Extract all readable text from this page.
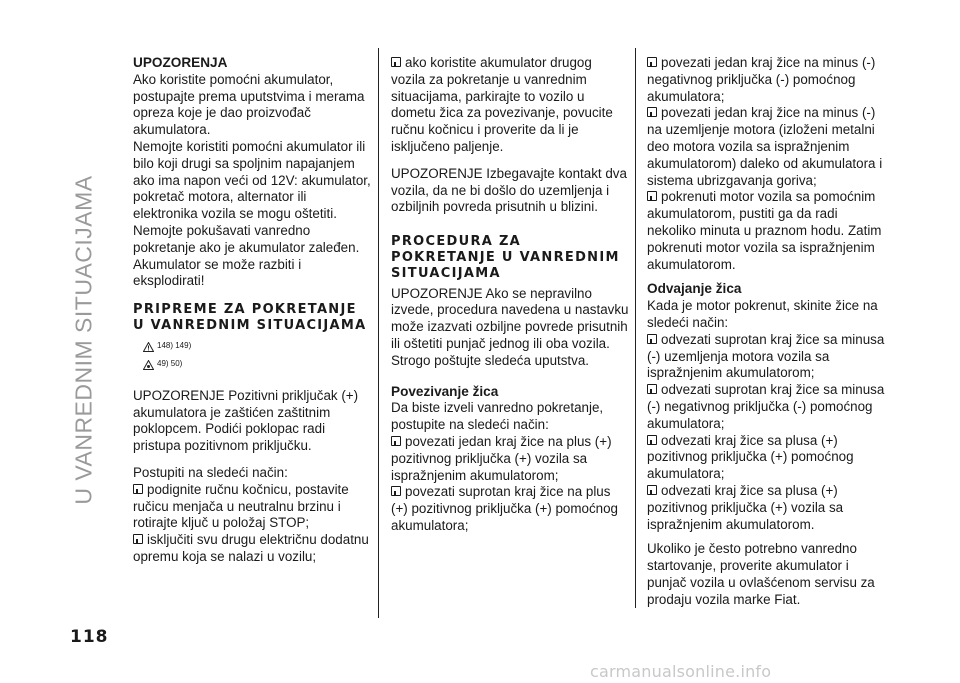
U VANREDNIM SITUACIJAMA
118

UPOZORENJA

Ako koristite pomoćni akumulator, postupajte prema uputstvima i merama opreza koje je dao proizvođač akumulatora.

Nemojte koristiti pomoćni akumulator ili bilo koji drugi sa spoljnim napajanjem ako ima napon veći od 12V: akumulator, pokretač motora, alternator ili elektronika vozila se mogu oštetiti. Nemojte pokušavati vanredno pokretanje ako je akumulator zaleđen. Akumulator se može razbiti i eksplodirati!

PRIPREME ZA POKRETANJE U VANREDNIM SITUACIJAMA

148) 149)
49) 50)

UPOZORENJE Pozitivni priključak (+) akumulatora je zaštićen zaštitnim poklopcem. Podići poklopac radi pristupa pozitivnom priključku.

Postupiti na sledeći način:

podignite ručnu kočnicu, postavite ručicu menjača u neutralnu brzinu i rotirajte ključ u položaj STOP;

isključiti svu drugu električnu dodatnu opremu koja se nalazi u vozilu;

ako koristite akumulator drugog vozila za pokretanje u vanrednim situacijama, parkirajte to vozilo u dometu žica za povezivanje, povucite ručnu kočnicu i proverite da li je isključeno paljenje.

UPOZORENJE Izbegavajte kontakt dva vozila, da ne bi došlo do uzemljenja i ozbiljnih povreda prisutnih u blizini.

PROCEDURA ZA POKRETANJE U VANREDNIM SITUACIJAMA

UPOZORENJE Ako se nepravilno izvede, procedura navedena u nastavku može izazvati ozbiljne povrede prisutnih ili oštetiti punjač jednog ili oba vozila. Strogo poštujte sledeća uputstva.

Povezivanje žica

Da biste izveli vanredno pokretanje, postupite na sledeći način:

povezati jedan kraj žice na plus (+) pozitivnog priključka (+) vozila sa ispražnjenim akumulatorom;

povezati suprotan kraj žice na plus (+) pozitivnog priključka (+) pomoćnog akumulatora;

povezati jedan kraj žice na minus (-) negativnog priključka (-) pomoćnog akumulatora;

povezati jedan kraj žice na minus (-) na uzemljenje motora (izloženi metalni deo motora vozila sa ispražnjenim akumulatorom) daleko od akumulatora i sistema ubrizgavanja goriva;

pokrenuti motor vozila sa pomoćnim akumulatorom, pustiti ga da radi nekoliko minuta u praznom hodu. Zatim pokrenuti motor vozila sa ispražnjenim akumulatorom.

Odvajanje žica

Kada je motor pokrenut, skinite žice na sledeći način:

odvezati suprotan kraj žice sa minusa (-) uzemljenja motora vozila sa ispražnjenim akumulatorom;

odvezati suprotan kraj žice sa minusa (-) negativnog priključka (-) pomoćnog akumulatora;

odvezati kraj žice sa plusa (+) pozitivnog priključka (+) pomoćnog akumulatora;

odvezati kraj žice sa plusa (+) pozitivnog priključka (+) vozila sa ispražnjenim akumulatorom.

Ukoliko je često potrebno vanredno startovanje, proverite akumulator i punjač vozila u ovlašćenom servisu za prodaju vozila marke Fiat.

carmanualsonline.info
